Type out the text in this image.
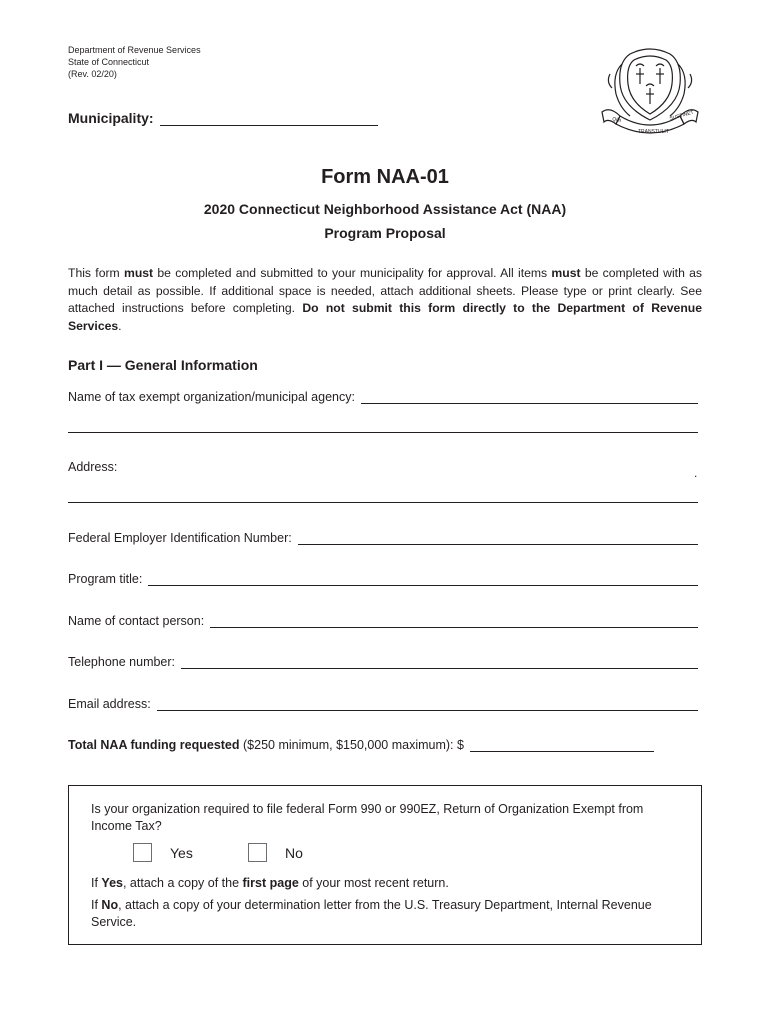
Department of Revenue Services
State of Connecticut
(Rev. 02/20)
QUI
TRANSTULIT
SUSTINET
Municipality:
Form NAA-01
2020 Connecticut Neighborhood Assistance Act (NAA)
Program Proposal

This form must be completed and submitted to your municipality for approval. All items must be completed with as much detail as possible. If additional space is needed, attach additional sheets. Please type or print clearly. See attached instructions before completing. Do not submit this form directly to the Department of Revenue Services.

Part I — General Information
Name of tax exempt organization/municipal agency:
Address:	.
Federal Employer Identification Number:
Program title:
Name of contact person:
Telephone number:
Email address:
Total NAA funding requested ($250 minimum, $150,000 maximum): $
Is your organization required to file federal Form 990 or 990EZ, Return of Organization Exempt from Income Tax?
Yes	No
If Yes, attach a copy of the first page of your most recent return.
If No, attach a copy of your determination letter from the U.S. Treasury Department, Internal Revenue Service.
